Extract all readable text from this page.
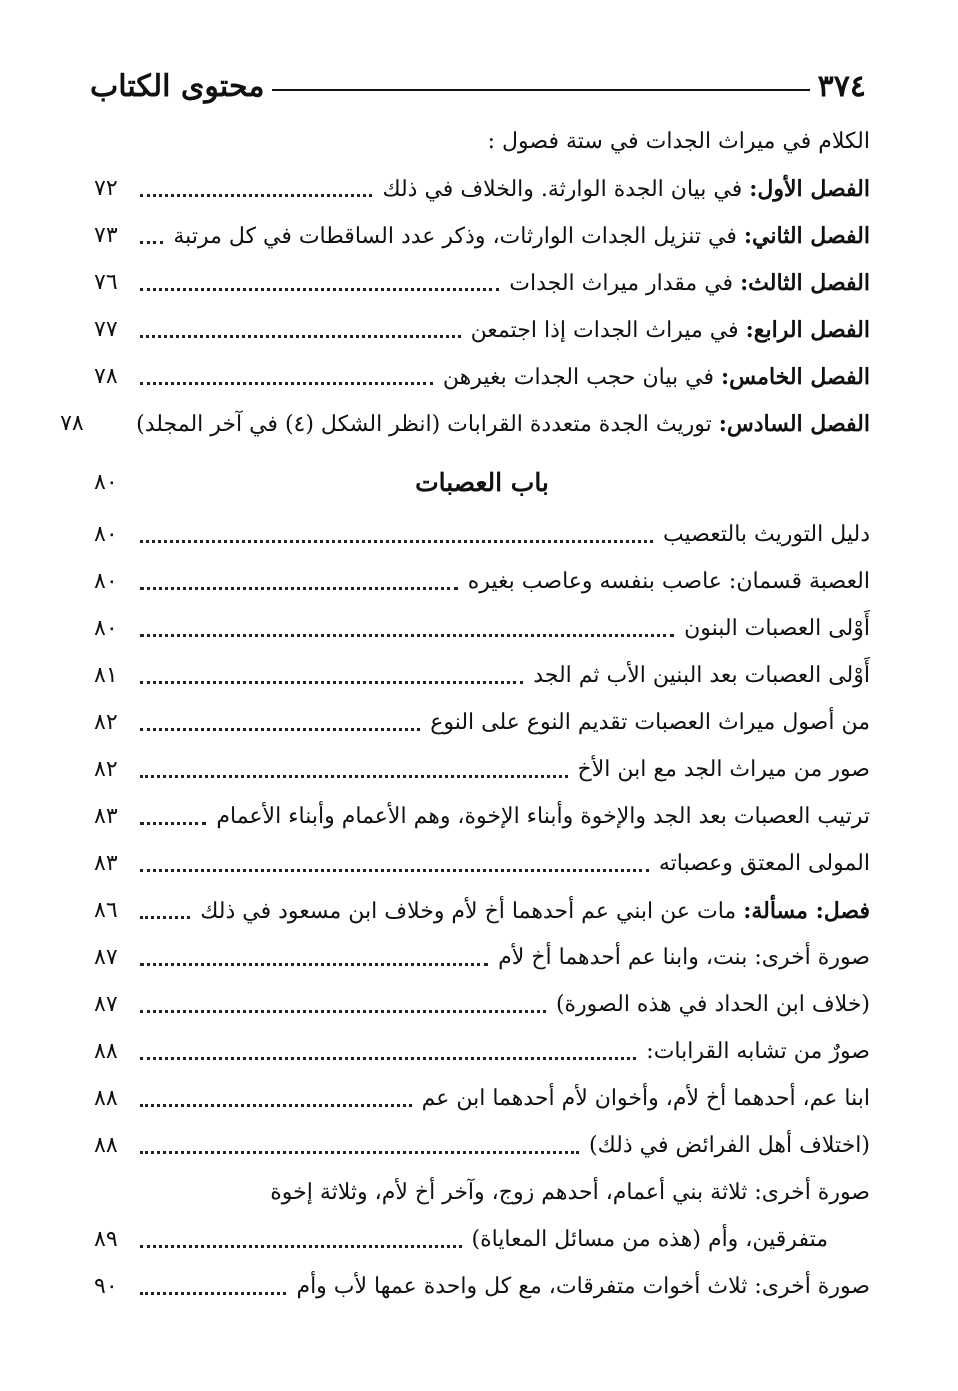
٣٧٤
محتوى الكتاب
الكلام في ميراث الجدات في ستة فصول :
الفصل الأول: في بيان الجدة الوارثة. والخلاف في ذلك
٧٢
الفصل الثاني: في تنزيل الجدات الوارثات، وذكر عدد الساقطات في كل مرتبة
٧٣
الفصل الثالث: في مقدار ميراث الجدات
٧٦
الفصل الرابع: في ميراث الجدات إذا اجتمعن
٧٧
الفصل الخامس: في بيان حجب الجدات بغيرهن
٧٨
الفصل السادس: توريث الجدة متعددة القرابات (انظر الشكل (٤) في آخر المجلد)
٧٨
باب العصبات
٨٠
دليل التوريث بالتعصيب
٨٠
العصبة قسمان: عاصب بنفسه وعاصب بغيره
٨٠
أَوْلى العصبات البنون
٨٠
أَوْلى العصبات بعد البنين الأب ثم الجد
٨١
من أصول ميراث العصبات تقديم النوع على النوع
٨٢
صور من ميراث الجد مع ابن الأخ
٨٢
ترتيب العصبات بعد الجد والإخوة وأبناء الإخوة، وهم الأعمام وأبناء الأعمام
٨٣
المولى المعتق وعصباته
٨٣
فصل: مسألة: مات عن ابني عم أحدهما أخ لأم وخلاف ابن مسعود في ذلك
٨٦
صورة أخرى: بنت، وابنا عم أحدهما أخ لأم
٨٧
(خلاف ابن الحداد في هذه الصورة)
٨٧
صورٌ من تشابه القرابات:
٨٨
ابنا عم، أحدهما أخ لأم، وأخوان لأم أحدهما ابن عم
٨٨
(اختلاف أهل الفرائض في ذلك)
٨٨
صورة أخرى: ثلاثة بني أعمام، أحدهم زوج، وآخر أخ لأم، وثلاثة إخوة
متفرقين، وأم (هذه من مسائل المعاياة)
٨٩
صورة أخرى: ثلاث أخوات متفرقات، مع كل واحدة عمها لأب وأم
٩٠
